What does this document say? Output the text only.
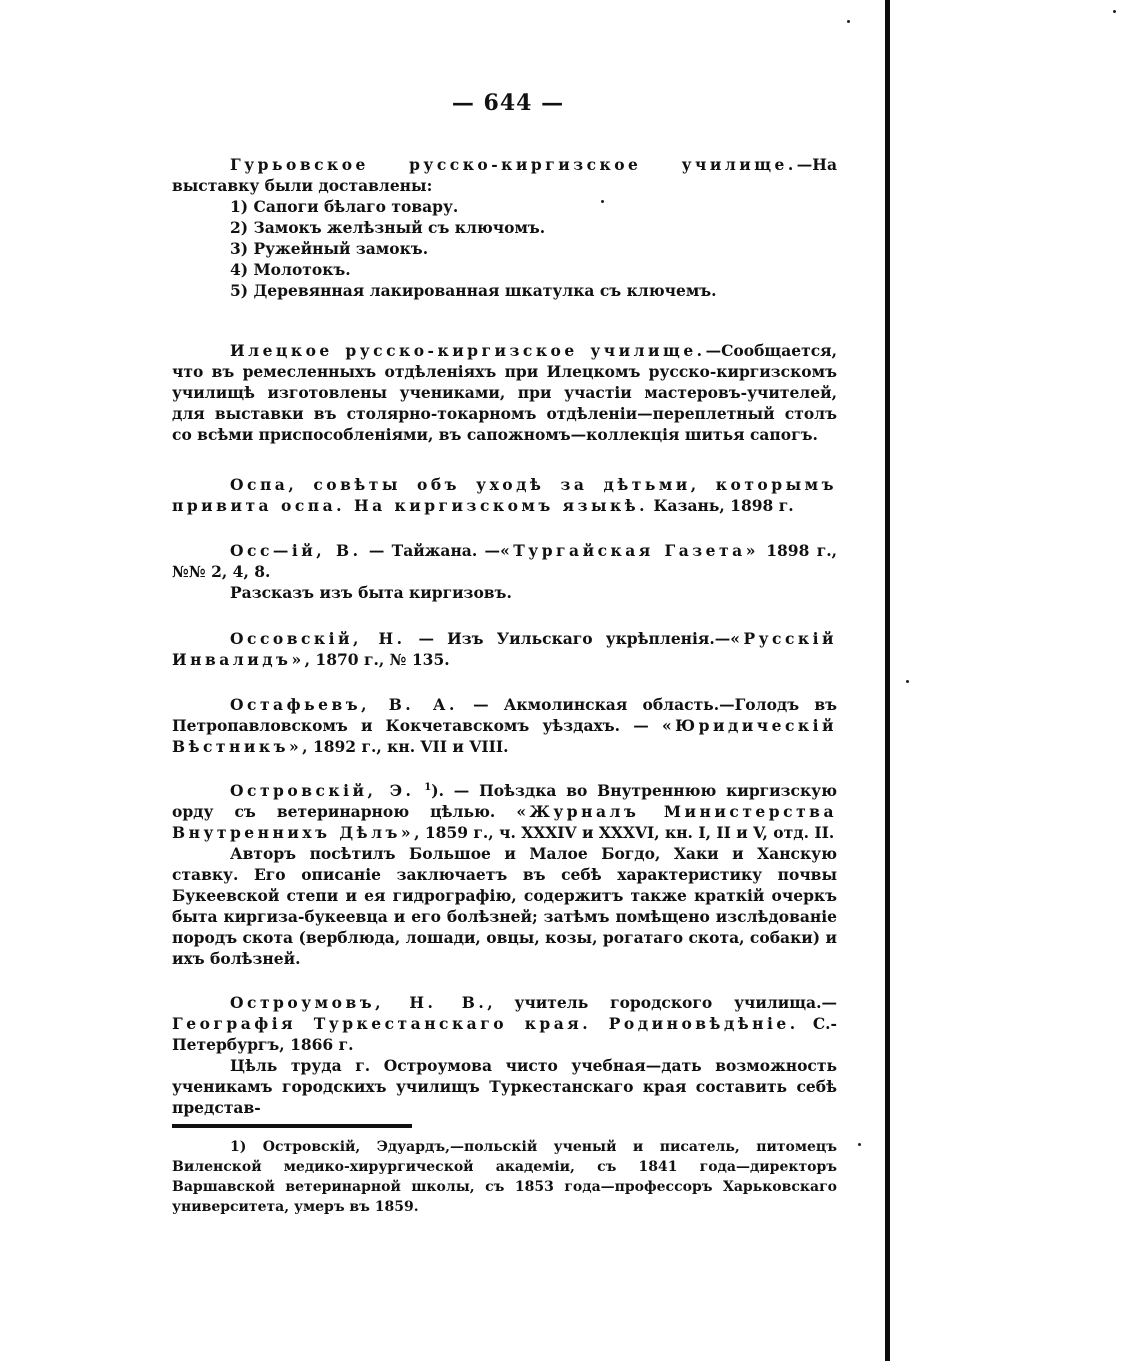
— 644 —

Гурьовское русско-киргизское училище.—На выставку были доставлены:

1) Сапоги бѣлаго товару.

2) Замокъ желѣзный съ ключомъ.

3) Ружейный замокъ.

4) Молотокъ.

5) Деревянная лакированная шкатулка съ ключемъ.

Илецкое русско-киргизское училище.—Сообщается, что въ ремесленныхъ отдѣленіяхъ при Илецкомъ русско-киргизскомъ училищѣ изготовлены учениками, при участіи мастеровъ-учителей, для выставки въ столярно-токарномъ отдѣленіи—переплетный столъ со всѣми приспособленіями, въ сапожномъ—коллекція шитья сапогъ.

Оспа, совѣты объ уходѣ за дѣтьми, которымъ привита оспа. На киргизскомъ языкѣ. Казань, 1898 г.

Осс—ій, В. — Тайжана. —«Тургайская Газета» 1898 г., №№ 2, 4, 8.

Разсказъ изъ быта киргизовъ.

Оссовскій, Н. — Изъ Уильскаго укрѣпленія.—«Русскій Инвалидъ», 1870 г., № 135.

Остафьевъ, В. А. — Акмолинская область.—Голодъ въ Петропавловскомъ и Кокчетавскомъ уѣздахъ. — «Юридическій Вѣстникъ», 1892 г., кн. VII и VIII.

Островскій, Э. $^1$). — Поѣздка во Внутреннюю киргизскую орду съ ветеринарною цѣлью. «Журналъ Министерства Внутреннихъ Дѣлъ», 1859 г., ч. XXXIV и XXXVI, кн. I, II и V, отд. II.

Авторъ посѣтилъ Большое и Малое Богдо, Хаки и Ханскую ставку. Его описаніе заключаетъ въ себѣ характеристику почвы Букеевской степи и ея гидрографію, содержитъ также краткій очеркъ быта киргиза-букеевца и его болѣзней; затѣмъ помѣщено изслѣдованіе породъ скота (верблюда, лошади, овцы, козы, рогатаго скота, собаки) и ихъ болѣзней.

Остроумовъ, Н. В., учитель городского училища.—Географія Туркестанскаго края. Родиновѣдѣніе. С.-Петербургъ, 1866 г.

Цѣль труда г. Остроумова чисто учебная—дать возможность ученикамъ городскихъ училищъ Туркестанскаго края составить себѣ представ-

1) Островскій, Эдуардъ,—польскій ученый и писатель, питомецъ Виленской медико-хирургической академіи, съ 1841 года—директоръ Варшавской ветеринарной школы, съ 1853 года—профессоръ Харьковскаго университета, умеръ въ 1859.
